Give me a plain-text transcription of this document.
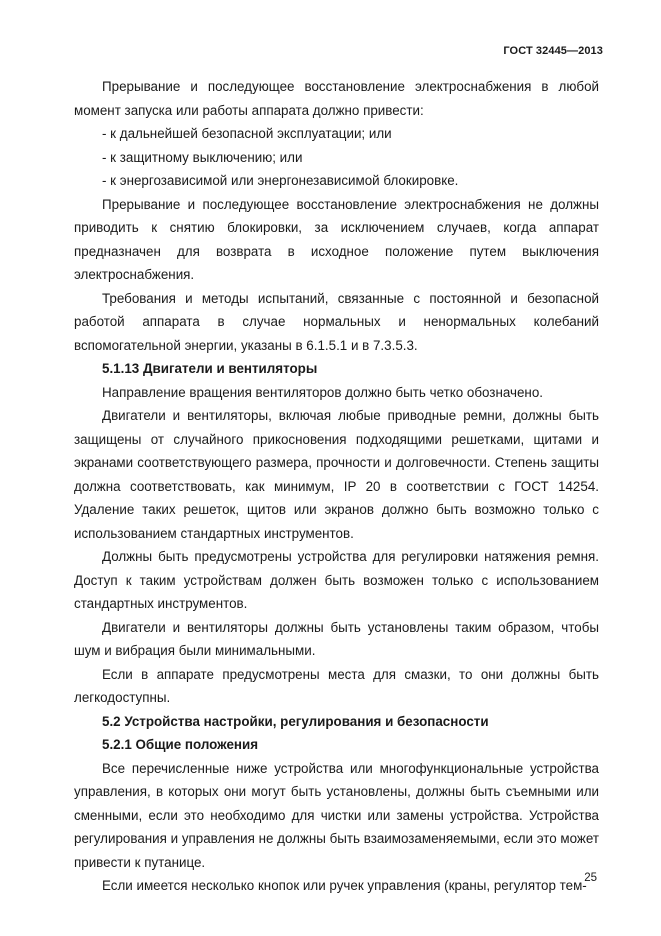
ГОСТ 32445—2013

Прерывание и последующее восстановление электроснабжения в любой момент запуска или работы аппарата должно привести:

- к дальнейшей безопасной эксплуатации; или

- к защитному выключению; или

- к энергозависимой или энергонезависимой блокировке.

Прерывание и последующее восстановление электроснабжения не должны приводить к снятию блокировки, за исключением случаев, когда аппарат предназначен для возврата в исходное положение путем выключения электроснабжения.

Требования и методы испытаний, связанные с постоянной и безопасной работой аппарата в случае нормальных и ненормальных колебаний вспомогательной энергии, указаны в 6.1.5.1 и в 7.3.5.3.

5.1.13 Двигатели и вентиляторы

Направление вращения вентиляторов должно быть четко обозначено.

Двигатели и вентиляторы, включая любые приводные ремни, должны быть защищены от случайного прикосновения подходящими решетками, щитами и экранами соответствующего размера, прочности и долговечности. Степень защиты должна соответствовать, как минимум, IP 20 в соответствии с ГОСТ 14254. Удаление таких решеток, щитов или экранов должно быть возможно только с использованием стандартных инструментов.

Должны быть предусмотрены устройства для регулировки натяжения ремня. Доступ к таким устройствам должен быть возможен только с использованием стандартных инструментов.

Двигатели и вентиляторы должны быть установлены таким образом, чтобы шум и вибрация были минимальными.

Если в аппарате предусмотрены места для смазки, то они должны быть легкодоступны.

5.2 Устройства настройки, регулирования и безопасности

5.2.1 Общие положения

Все перечисленные ниже устройства или многофункциональные устройства управления, в которых они могут быть установлены, должны быть съемными или сменными, если это необходимо для чистки или замены устройства. Устройства регулирования и управления не должны быть взаимозаменяемыми, если это может привести к путанице.

Если имеется несколько кнопок или ручек управления (краны, регулятор тем-

25
